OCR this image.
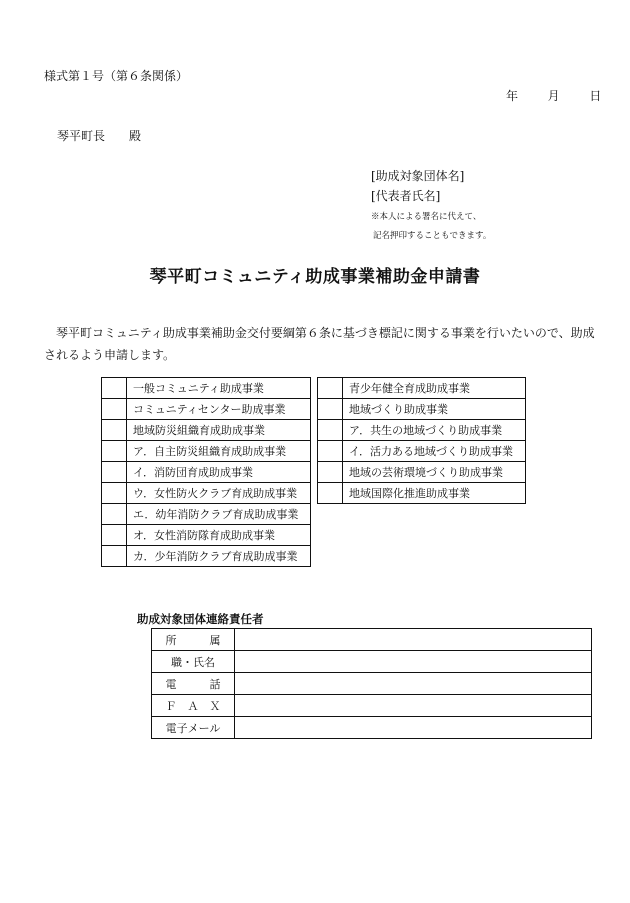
様式第１号（第６条関係）
年 月 日
琴平町長　　殿
[助成対象団体名]
[代表者氏名]
※本人による署名に代えて、
記名押印することもできます。
琴平町コミュニティ助成事業補助金申請書
　琴平町コミュニティ助成事業補助金交付要綱第６条に基づき標記に関する事業を行いたいので、助成されるよう申請します。
	一般コミュニティ助成事業
	コミュニティセンター助成事業
	地域防災組織育成助成事業
	ア．自主防災組織育成助成事業
	イ．消防団育成助成事業
	ウ．女性防火クラブ育成助成事業
	エ．幼年消防クラブ育成助成事業
	オ．女性消防隊育成助成事業
	カ．少年消防クラブ育成助成事業
	青少年健全育成助成事業
	地域づくり助成事業
	ア．共生の地域づくり助成事業
	イ．活力ある地域づくり助成事業
	地域の芸術環境づくり助成事業
	地域国際化推進助成事業
助成対象団体連絡責任者
所　　　属	
職・氏名	
電　　　話	
Ｆ　Ａ　Ｘ	
電子メール	
